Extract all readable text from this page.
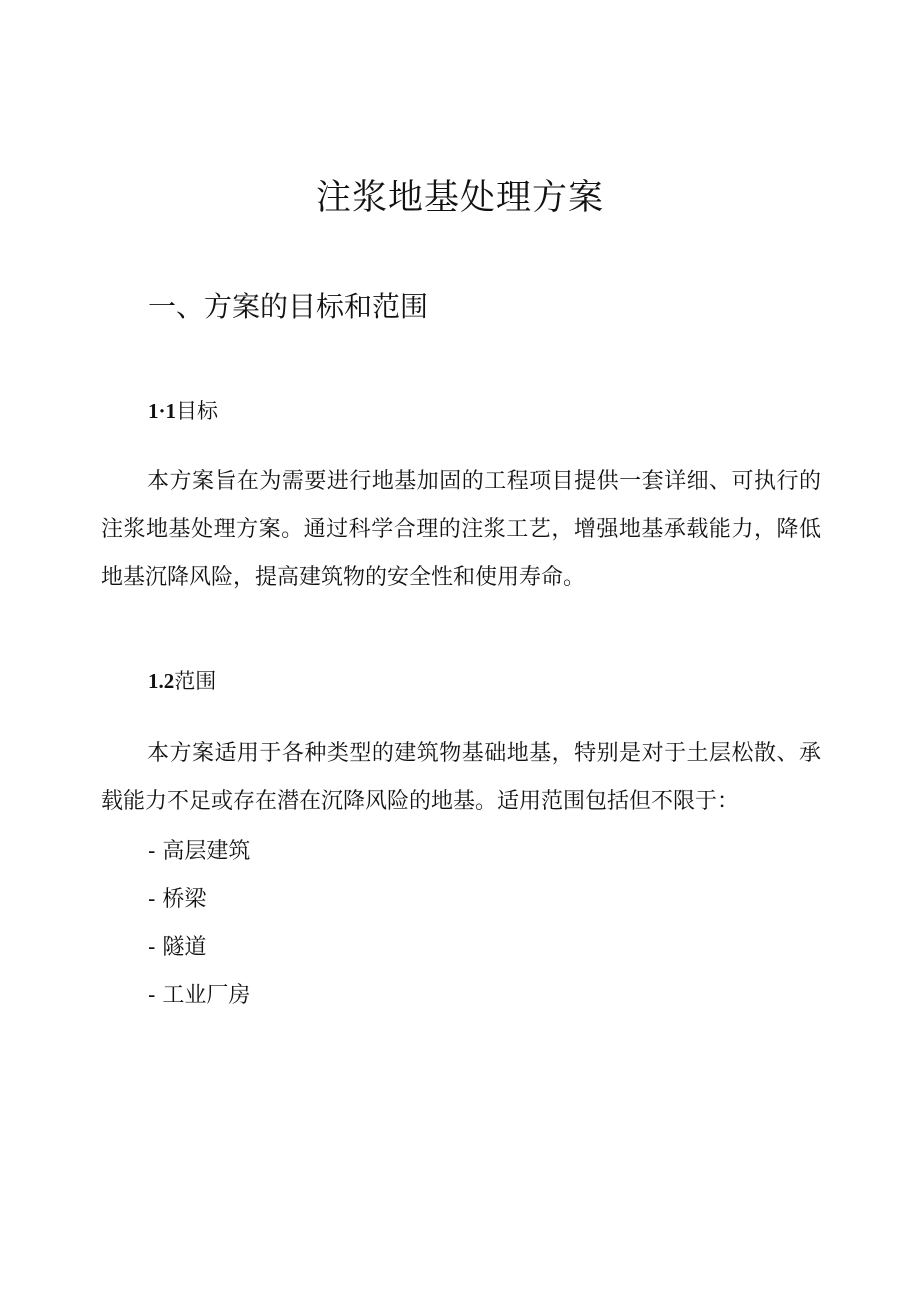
注浆地基处理方案
一、方案的目标和范围
1·1目标

本方案旨在为需要进行地基加固的工程项目提供一套详细、可执行的注浆地基处理方案。通过科学合理的注浆工艺，增强地基承载能力，降低地基沉降风险，提高建筑物的安全性和使用寿命。

1.2范围

本方案适用于各种类型的建筑物基础地基，特别是对于土层松散、承载能力不足或存在潜在沉降风险的地基。适用范围包括但不限于：

- 高层建筑
- 桥梁
- 隧道
- 工业厂房
